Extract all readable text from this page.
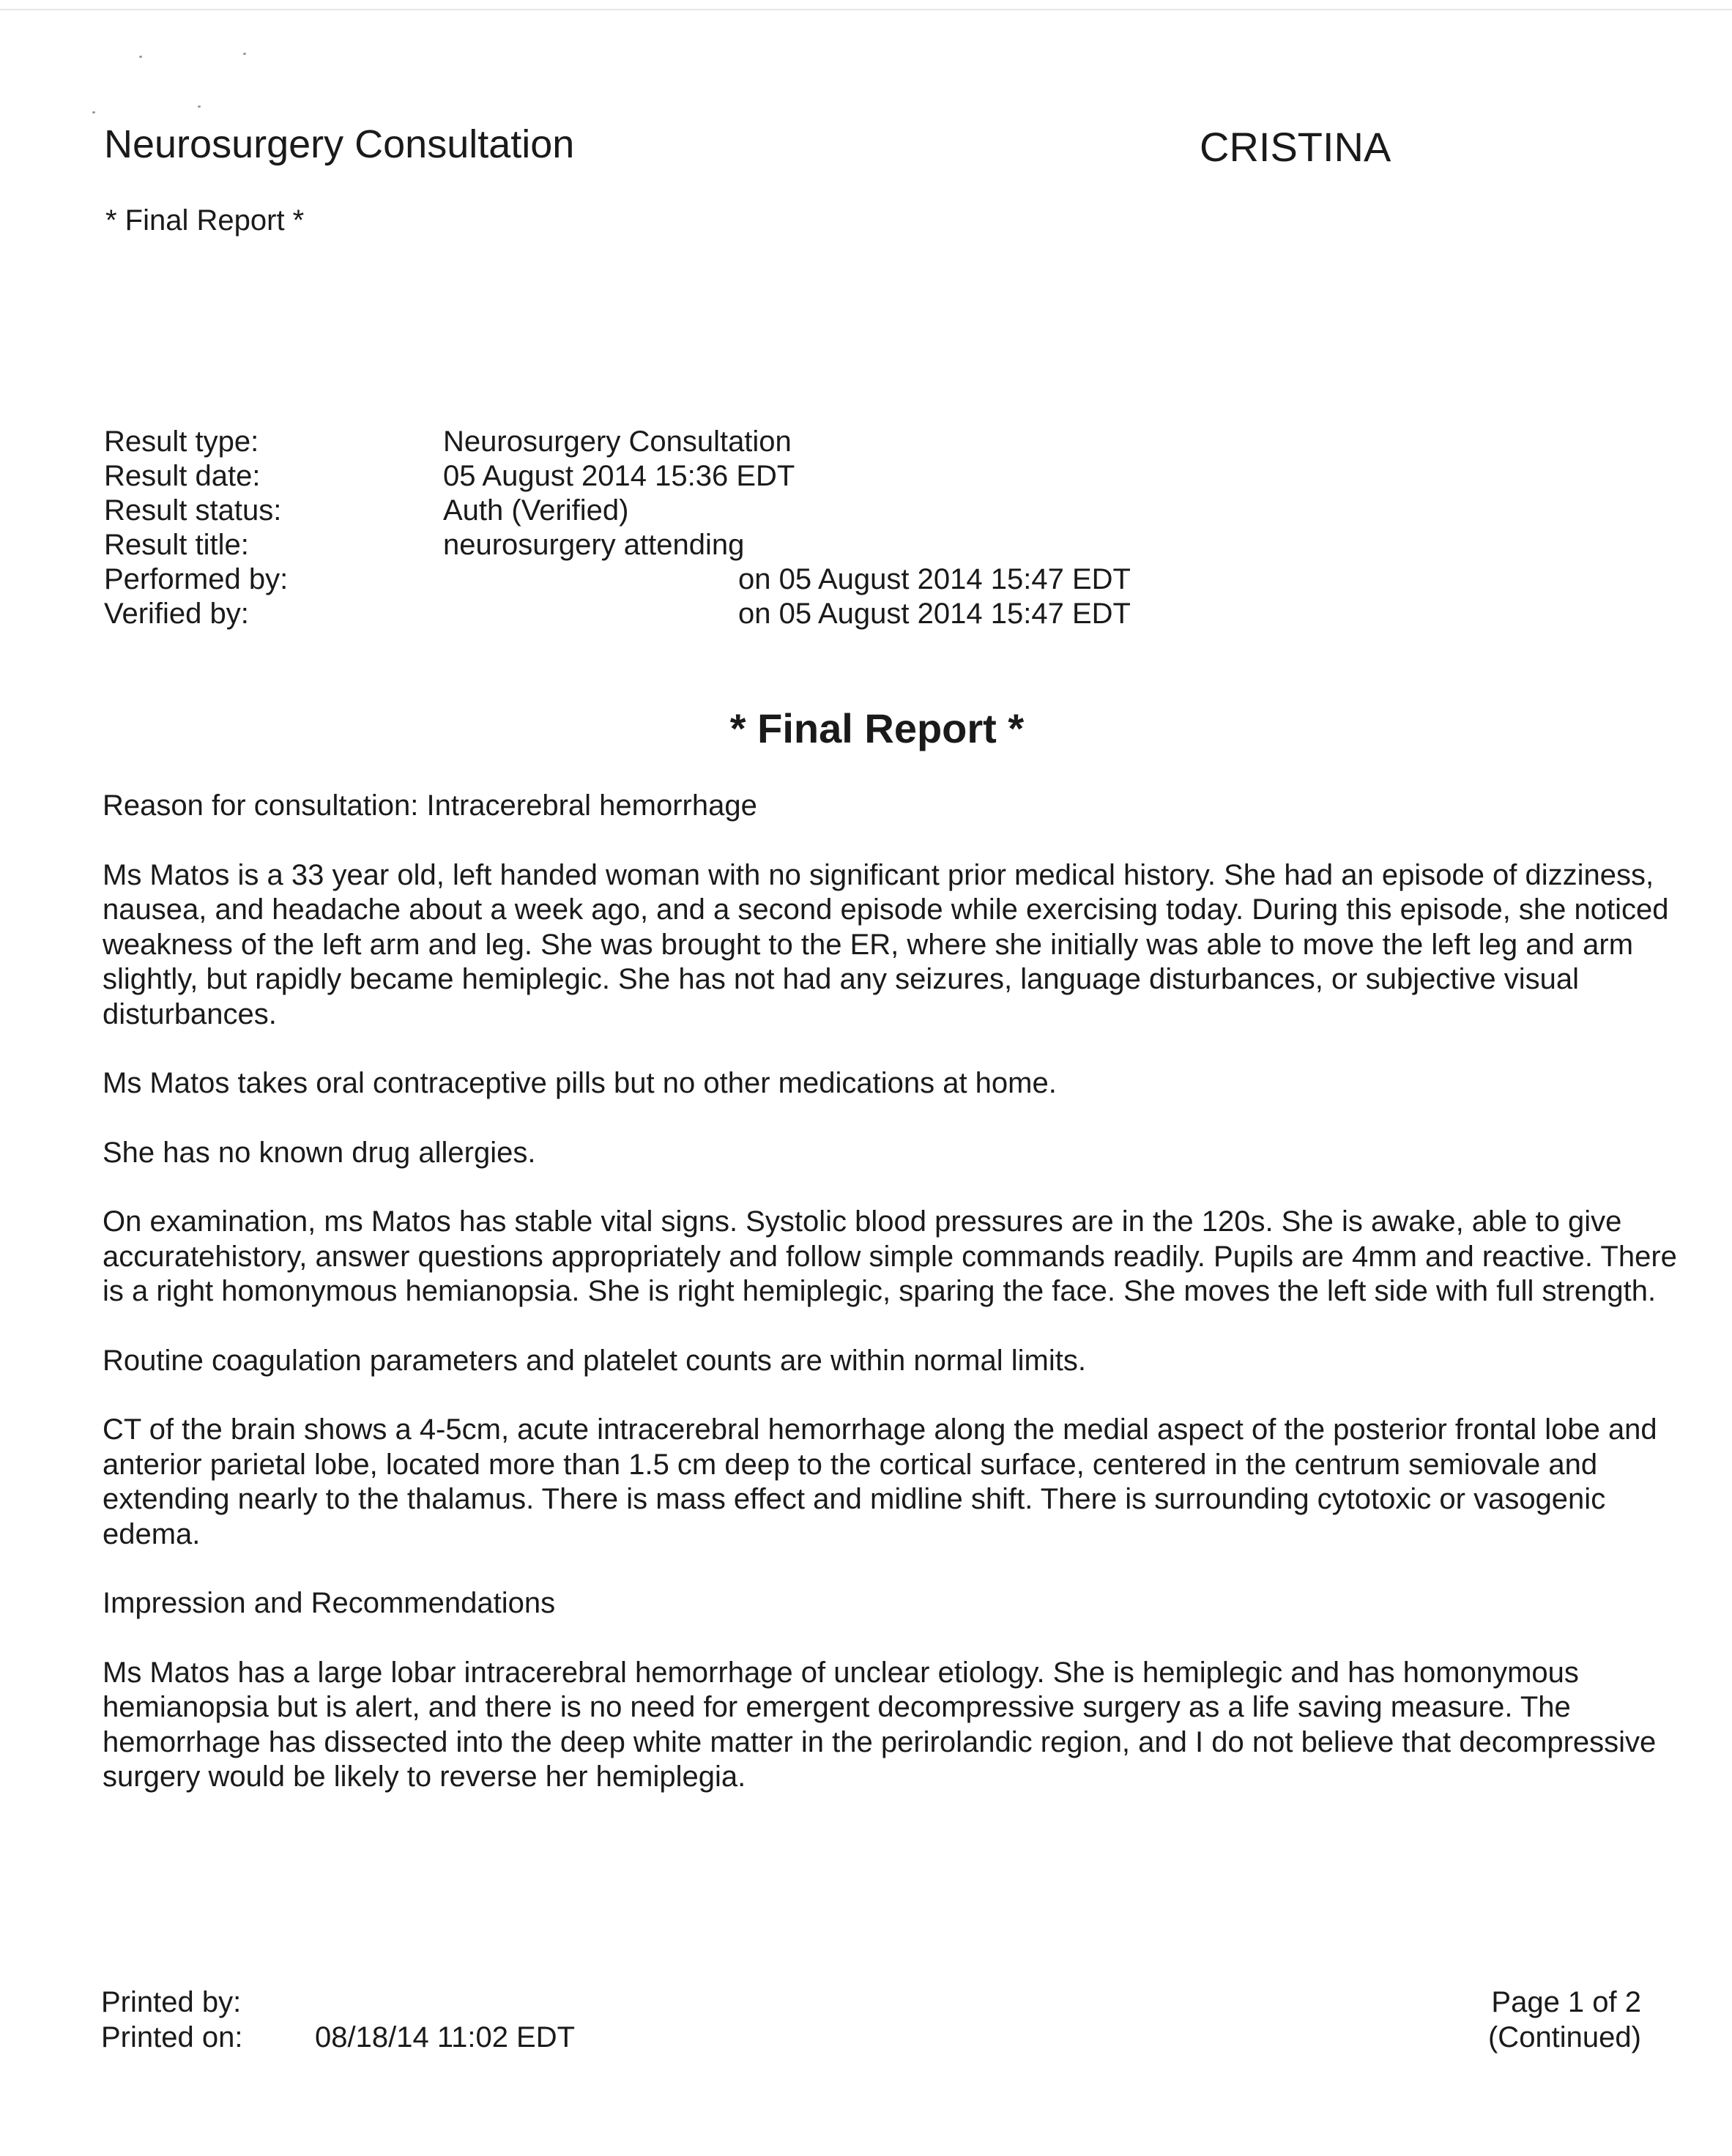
Neurosurgery Consultation	CRISTINA
* Final Report *
Result type:	Neurosurgery Consultation
Result date:	05 August 2014 15:36 EDT
Result status:	Auth (Verified)
Result title:	neurosurgery attending
Performed by:	on 05 August 2014 15:47 EDT
Verified by:	on 05 August 2014 15:47 EDT
* Final Report *

Reason for consultation: Intracerebral hemorrhage

Ms Matos is a 33 year old, left handed woman with no significant prior medical history. She had an episode of dizziness, nausea, and headache about a week ago, and a second episode while exercising today. During this episode, she noticed weakness of the left arm and leg. She was brought to the ER, where she initially was able to move the left leg and arm slightly, but rapidly became hemiplegic. She has not had any seizures, language disturbances, or subjective visual disturbances.

Ms Matos takes oral contraceptive pills but no other medications at home.

She has no known drug allergies.

On examination, ms Matos has stable vital signs. Systolic blood pressures are in the 120s. She is awake, able to give accuratehistory, answer questions appropriately and follow simple commands readily. Pupils are 4mm and reactive. There is a right homonymous hemianopsia. She is right hemiplegic, sparing the face. She moves the left side with full strength.

Routine coagulation parameters and platelet counts are within normal limits.

CT of the brain shows a 4-5cm, acute intracerebral hemorrhage along the medial aspect of the posterior frontal lobe and anterior parietal lobe, located more than 1.5 cm deep to the cortical surface, centered in the centrum semiovale and extending nearly to the thalamus. There is mass effect and midline shift. There is surrounding cytotoxic or vasogenic edema.

Impression and Recommendations

Ms Matos has a large lobar intracerebral hemorrhage of unclear etiology. She is hemiplegic and has homonymous hemianopsia but is alert, and there is no need for emergent decompressive surgery as a life saving measure. The hemorrhage has dissected into the deep white matter in the perirolandic region, and I do not believe that decompressive surgery would be likely to reverse her hemiplegia.

Printed by:
Printed on: 08/18/14 11:02 EDT
Page 1 of 2
(Continued)
